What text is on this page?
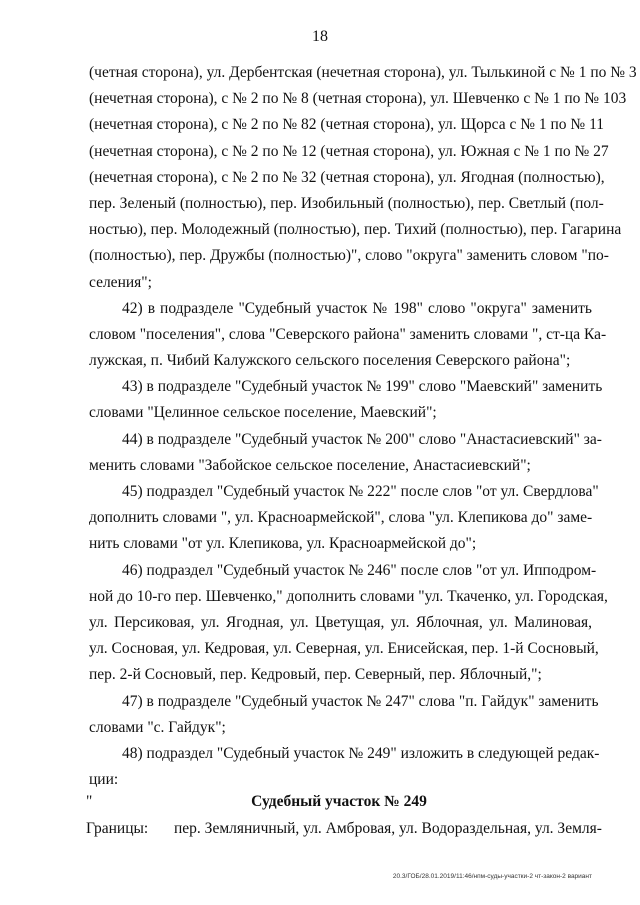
18
(четная сторона), ул. Дербентская (нечетная сторона), ул. Тылькиной с № 1 по № 3
(нечетная сторона), с № 2 по № 8 (четная сторона), ул. Шевченко с № 1 по № 103
(нечетная сторона), с № 2 по № 82 (четная сторона), ул. Щорса с № 1 по № 11
(нечетная сторона), с № 2 по № 12 (четная сторона), ул. Южная с № 1 по № 27
(нечетная сторона), с № 2 по № 32 (четная сторона), ул. Ягодная (полностью),
пер. Зеленый (полностью), пер. Изобильный (полностью), пер. Светлый (пол-
ностью), пер. Молодежный (полностью), пер. Тихий (полностью), пер. Гагарина
(полностью), пер. Дружбы (полностью)", слово "округа" заменить словом "по-
селения";
42) в подразделе "Судебный участок № 198" слово "округа" заменить
словом "поселения", слова "Северского района" заменить словами ", ст-ца Ка-
лужская, п. Чибий Калужского сельского поселения Северского района";
43) в подразделе "Судебный участок № 199" слово "Маевский" заменить
словами "Целинное сельское поселение, Маевский";
44) в подразделе "Судебный участок № 200" слово "Анастасиевский" за-
менить словами "Забойское сельское поселение, Анастасиевский";
45) подраздел "Судебный участок № 222" после слов "от ул. Свердлова"
дополнить словами ", ул. Красноармейской", слова "ул. Клепикова до" заме-
нить словами "от ул. Клепикова, ул. Красноармейской до";
46) подраздел "Судебный участок № 246" после слов "от ул. Ипподром-
ной до 10-го пер. Шевченко," дополнить словами "ул. Ткаченко, ул. Городская,
ул. Персиковая, ул. Ягодная, ул. Цветущая, ул. Яблочная, ул. Малиновая,
ул. Сосновая, ул. Кедровая, ул. Северная, ул. Енисейская, пер. 1-й Сосновый,
пер. 2-й Сосновый, пер. Кедровый, пер. Северный, пер. Яблочный,";
47) в подразделе "Судебный участок № 247" слова "п. Гайдук" заменить
словами "с. Гайдук";
48) подраздел "Судебный участок № 249" изложить в следующей редак-
ции:
"	Судебный участок № 249
Границы: пер. Земляничный, ул. Амбровая, ул. Водораздельная, ул. Земля-
20.3/ГОБ/28.01.2019/11:46/нпм-суды-участки-2 чт-закон-2 вариант
